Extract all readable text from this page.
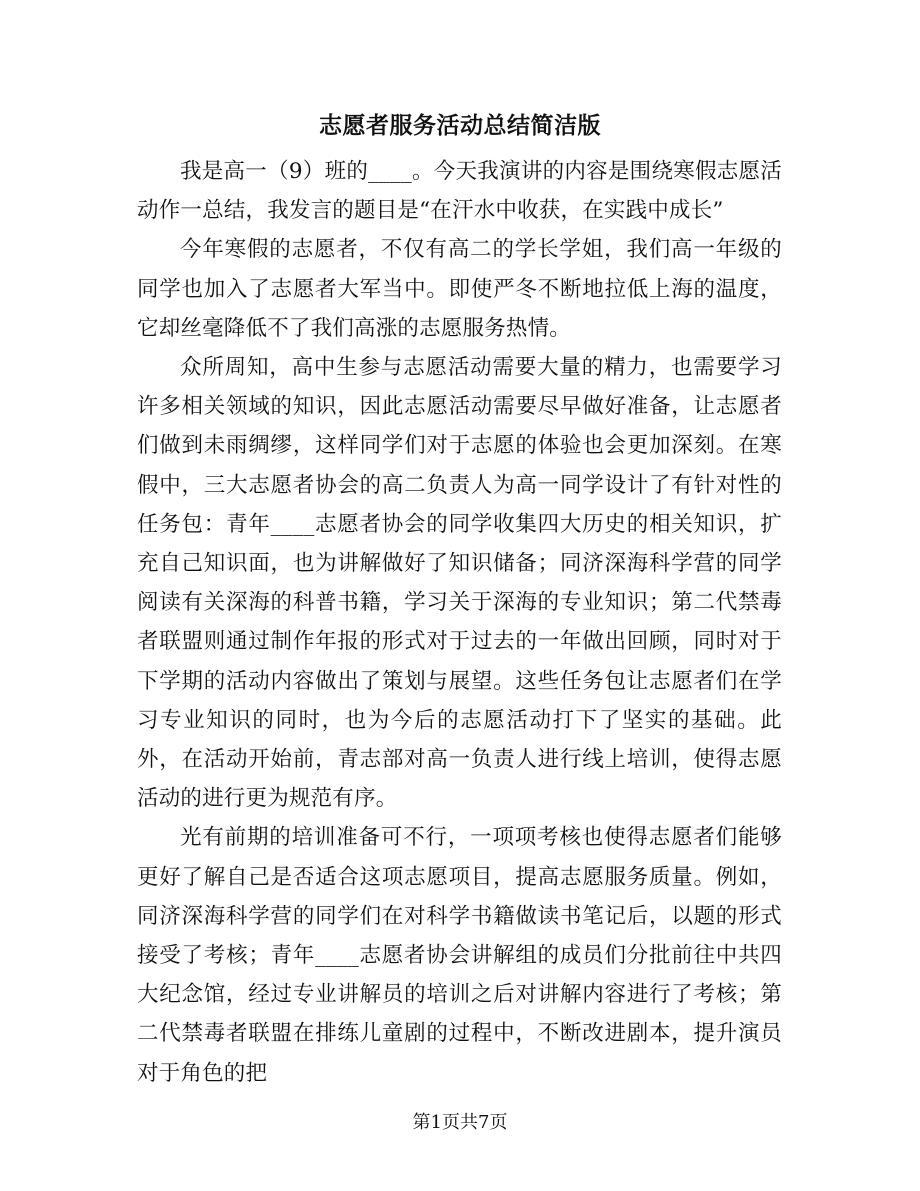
志愿者服务活动总结简洁版

我是高一（9）班的____。今天我演讲的内容是围绕寒假志愿活动作一总结，我发言的题目是“在汗水中收获，在实践中成长”

今年寒假的志愿者，不仅有高二的学长学姐，我们高一年级的同学也加入了志愿者大军当中。即使严冬不断地拉低上海的温度，它却丝毫降低不了我们高涨的志愿服务热情。

众所周知，高中生参与志愿活动需要大量的精力，也需要学习许多相关领域的知识，因此志愿活动需要尽早做好准备，让志愿者们做到未雨绸缪，这样同学们对于志愿的体验也会更加深刻。在寒假中，三大志愿者协会的高二负责人为高一同学设计了有针对性的任务包：青年____志愿者协会的同学收集四大历史的相关知识，扩充自己知识面，也为讲解做好了知识储备；同济深海科学营的同学阅读有关深海的科普书籍，学习关于深海的专业知识；第二代禁毒者联盟则通过制作年报的形式对于过去的一年做出回顾，同时对于下学期的活动内容做出了策划与展望。这些任务包让志愿者们在学习专业知识的同时，也为今后的志愿活动打下了坚实的基础。此外，在活动开始前，青志部对高一负责人进行线上培训，使得志愿活动的进行更为规范有序。

光有前期的培训准备可不行，一项项考核也使得志愿者们能够更好了解自己是否适合这项志愿项目，提高志愿服务质量。例如，同济深海科学营的同学们在对科学书籍做读书笔记后，以题的形式接受了考核；青年____志愿者协会讲解组的成员们分批前往中共四大纪念馆，经过专业讲解员的培训之后对讲解内容进行了考核；第二代禁毒者联盟在排练儿童剧的过程中，不断改进剧本，提升演员对于角色的把

第1页共7页
